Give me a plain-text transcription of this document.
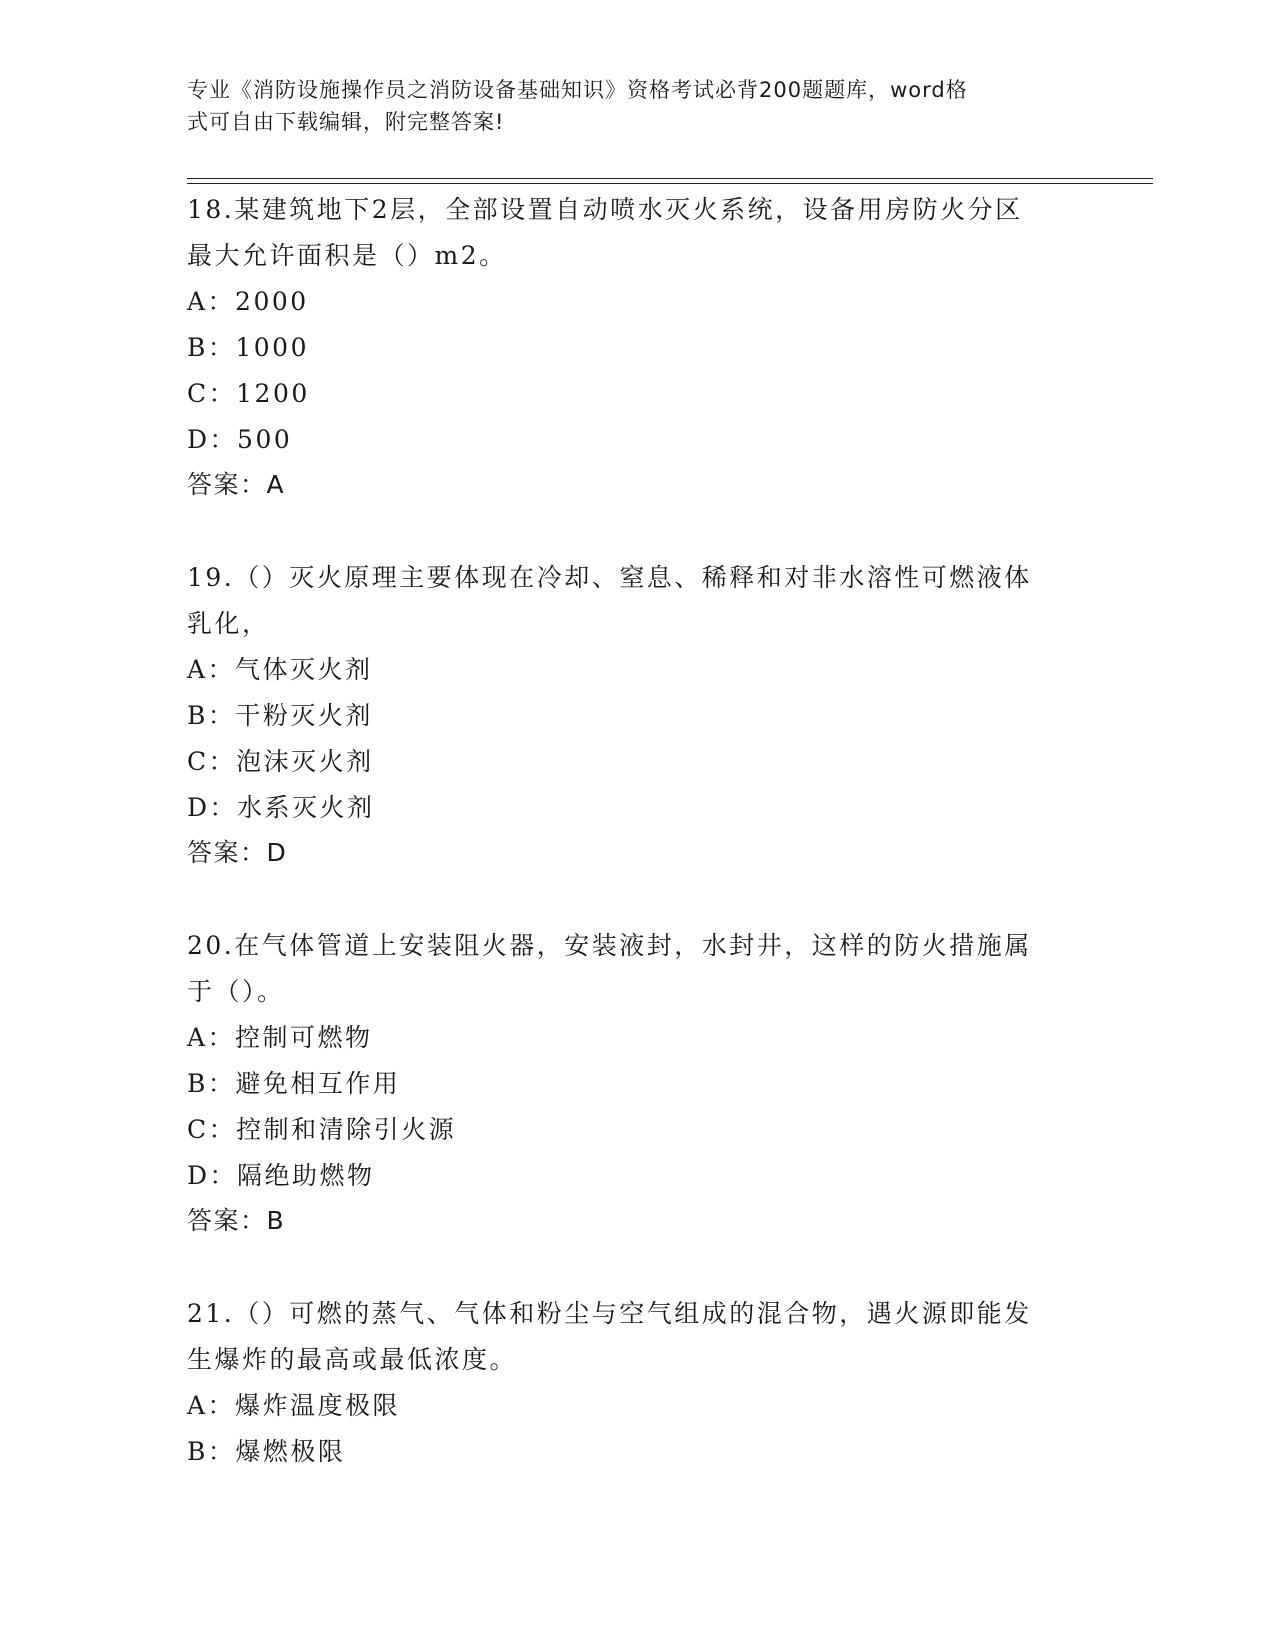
专业《消防设施操作员之消防设备基础知识》资格考试必背200题题库，word格
式可自由下载编辑，附完整答案!
18.某建筑地下2层，全部设置自动喷水灭火系统，设备用房防火分区
最大允许面积是（）m2。
A：2000
B：1000
C：1200
D：500
答案：A
19.（）灭火原理主要体现在冷却、窒息、稀释和对非水溶性可燃液体
乳化，
A：气体灭火剂
B：干粉灭火剂
C：泡沫灭火剂
D：水系灭火剂
答案：D
20.在气体管道上安装阻火器，安装液封，水封井，这样的防火措施属
于（）。
A：控制可燃物
B：避免相互作用
C：控制和清除引火源
D：隔绝助燃物
答案：B
21.（）可燃的蒸气、气体和粉尘与空气组成的混合物，遇火源即能发
生爆炸的最高或最低浓度。
A：爆炸温度极限
B：爆燃极限
